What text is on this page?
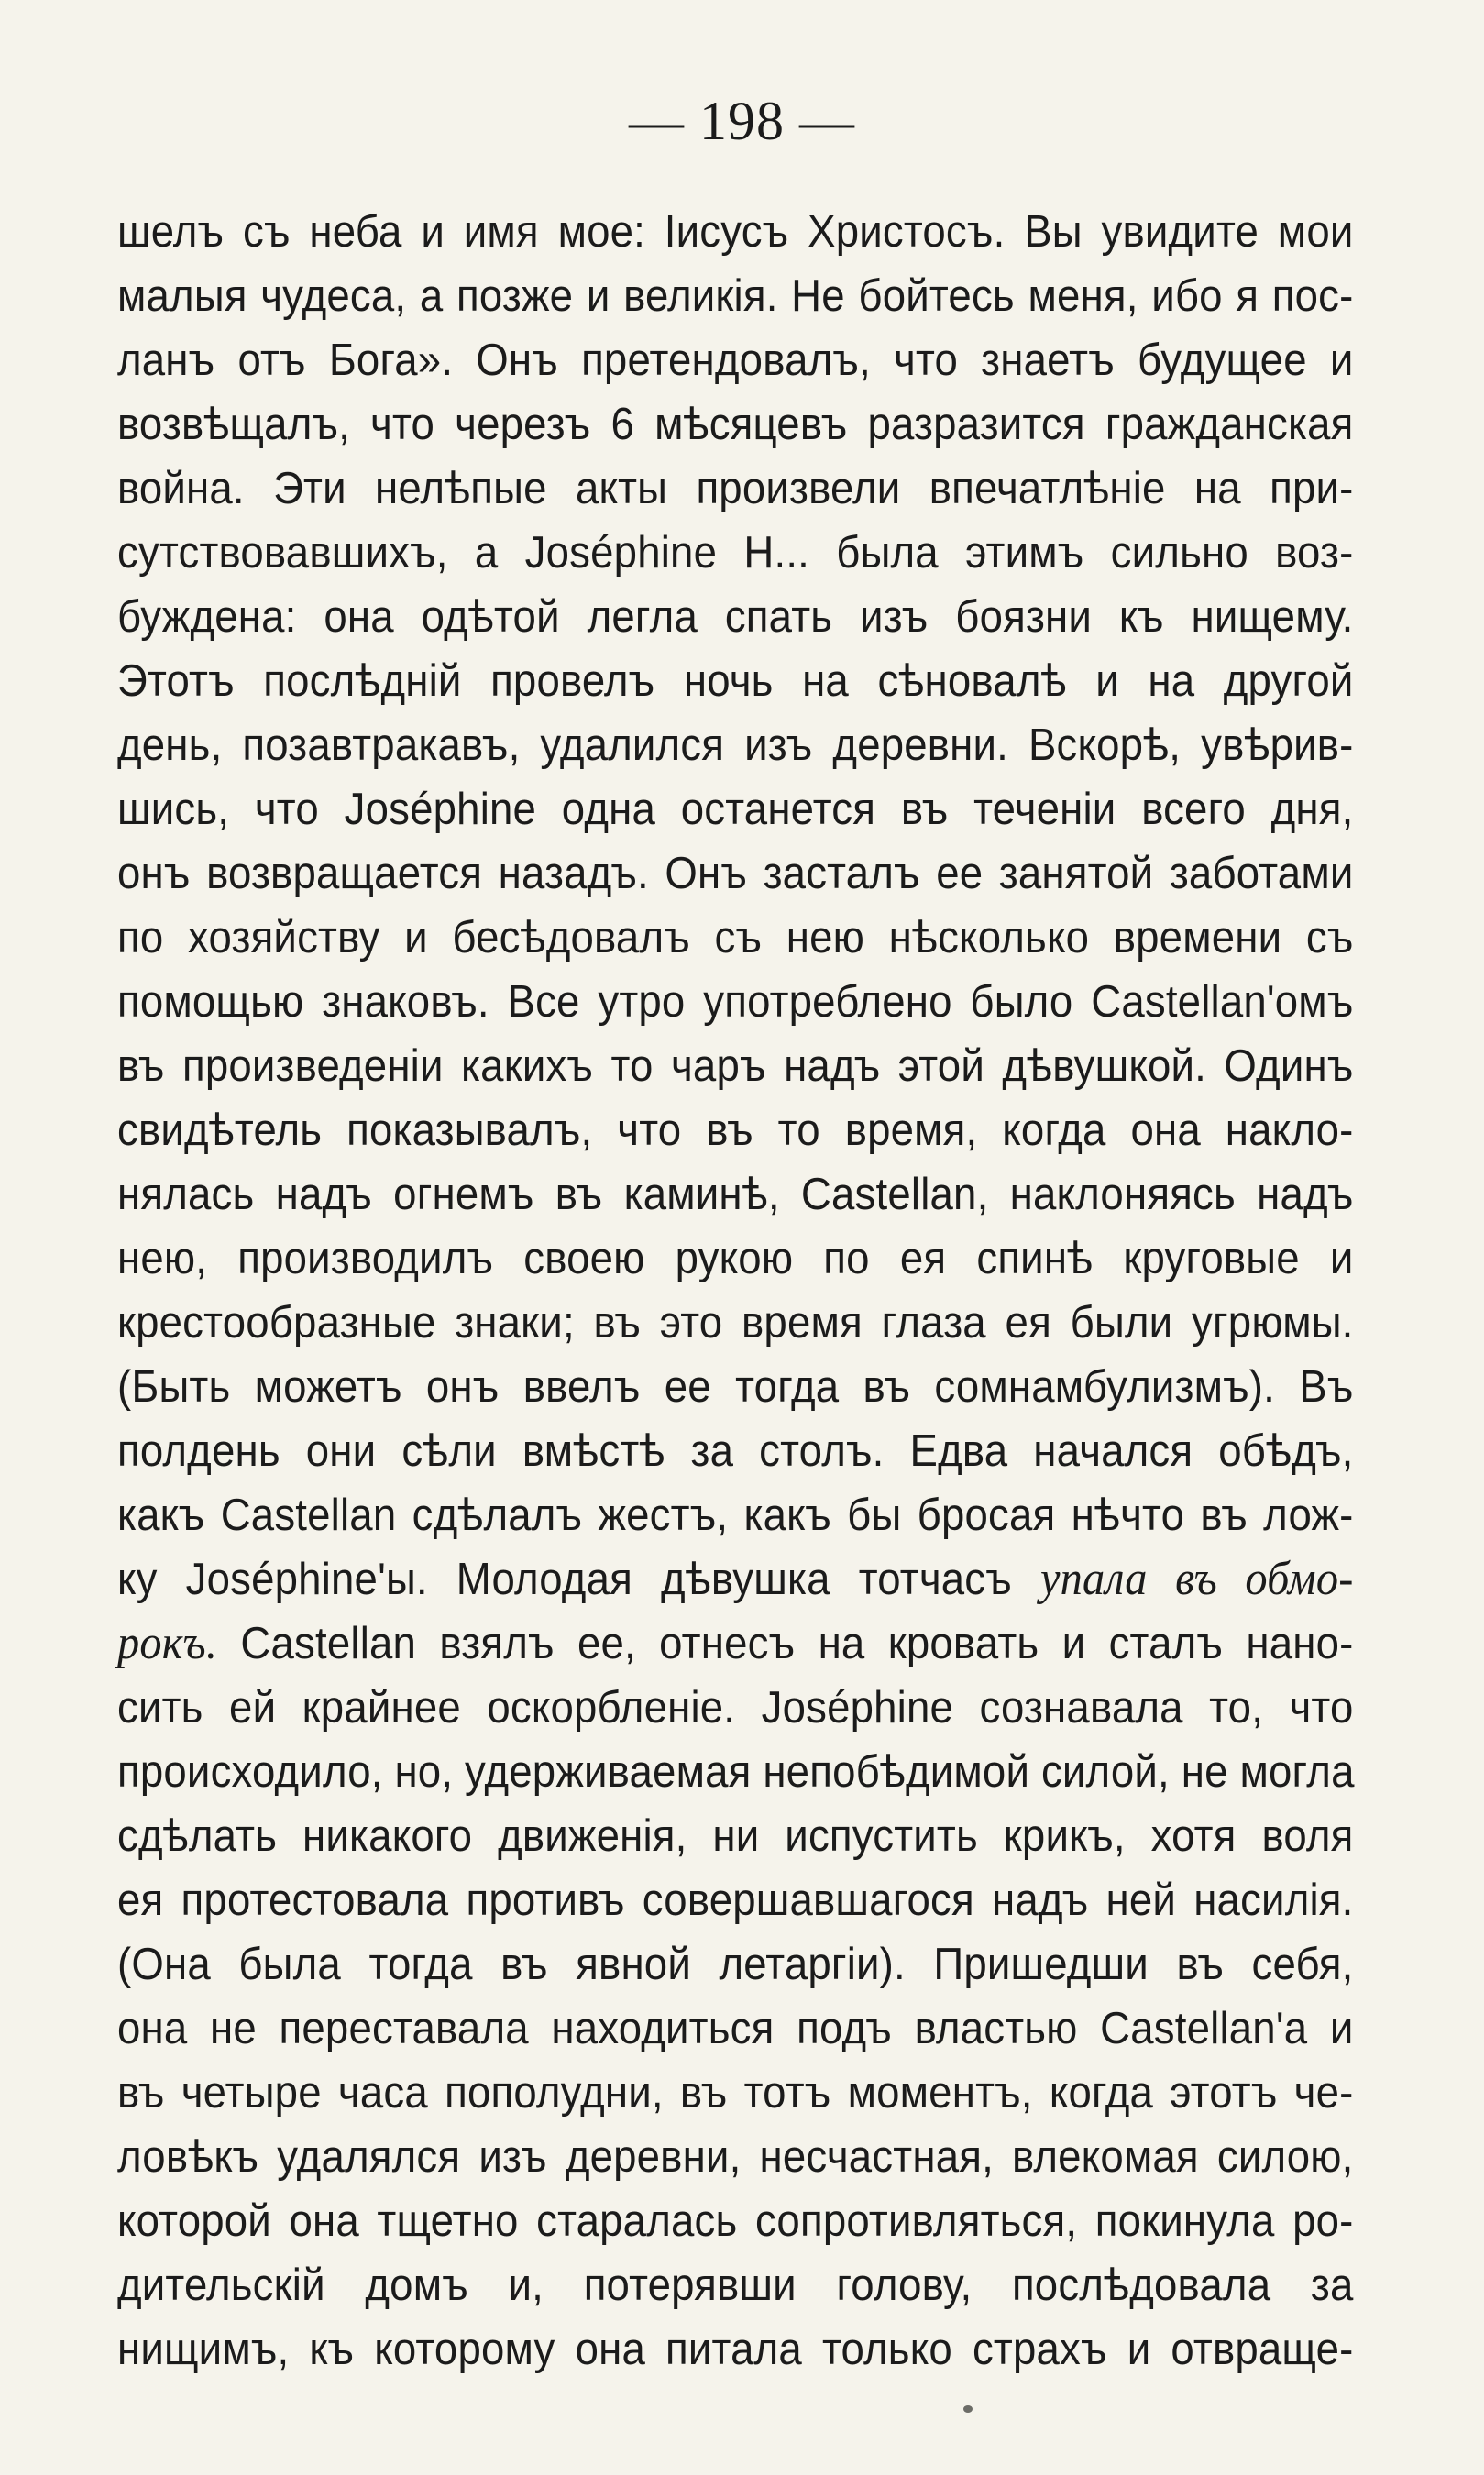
— 198 —
шелъ съ неба и имя мое: Іисусъ Христосъ. Вы увидите мои
малыя чудеса, а позже и великія. Не бойтесь меня, ибо я пос-
ланъ отъ Бога». Онъ претендовалъ, что знаетъ будущее и
возвѣщалъ, что черезъ 6 мѣсяцевъ разразится гражданская
война. Эти нелѣпые акты произвели впечатлѣніе на при-
сутствовавшихъ, а Joséphine H... была этимъ сильно воз-
буждена: она одѣтой легла спать изъ боязни къ нищему.
Этотъ послѣдній провелъ ночь на сѣновалѣ и на другой
день, позавтракавъ, удалился изъ деревни. Вскорѣ, увѣрив-
шись, что Joséphine одна останется въ теченіи всего дня,
онъ возвращается назадъ. Онъ засталъ ее занятой заботами
по хозяйству и бесѣдовалъ съ нею нѣсколько времени съ
помощью знаковъ. Все утро употреблено было Castellan'омъ
въ произведеніи какихъ то чаръ надъ этой дѣвушкой. Одинъ
свидѣтель показывалъ, что въ то время, когда она накло-
нялась надъ огнемъ въ каминѣ, Castellan, наклоняясь надъ
нею, производилъ своею рукою по ея спинѣ круговые и
крестообразные знаки; въ это время глаза ея были угрюмы.
(Быть можетъ онъ ввелъ ее тогда въ сомнамбулизмъ). Въ
полдень они сѣли вмѣстѣ за столъ. Едва начался обѣдъ,
какъ Castellan сдѣлалъ жестъ, какъ бы бросая нѣчто въ лож-
ку Joséphine'ы. Молодая дѣвушка тотчасъ упала въ обмо-
рокъ. Castellan взялъ ее, отнесъ на кровать и сталъ нано-
сить ей крайнее оскорбленіе. Joséphine сознавала то, что
происходило, но, удерживаемая непобѣдимой силой, не могла
сдѣлать никакого движенія, ни испустить крикъ, хотя воля
ея протестовала противъ совершавшагося надъ ней насилія.
(Она была тогда въ явной летаргіи). Пришедши въ себя,
она не переставала находиться подъ властью Castellan'а и
въ четыре часа пополудни, въ тотъ моментъ, когда этотъ че-
ловѣкъ удалялся изъ деревни, несчастная, влекомая силою,
которой она тщетно старалась сопротивляться, покинула ро-
дительскій домъ и, потерявши голову, послѣдовала за
нищимъ, къ которому она питала только страхъ и отвраще-
